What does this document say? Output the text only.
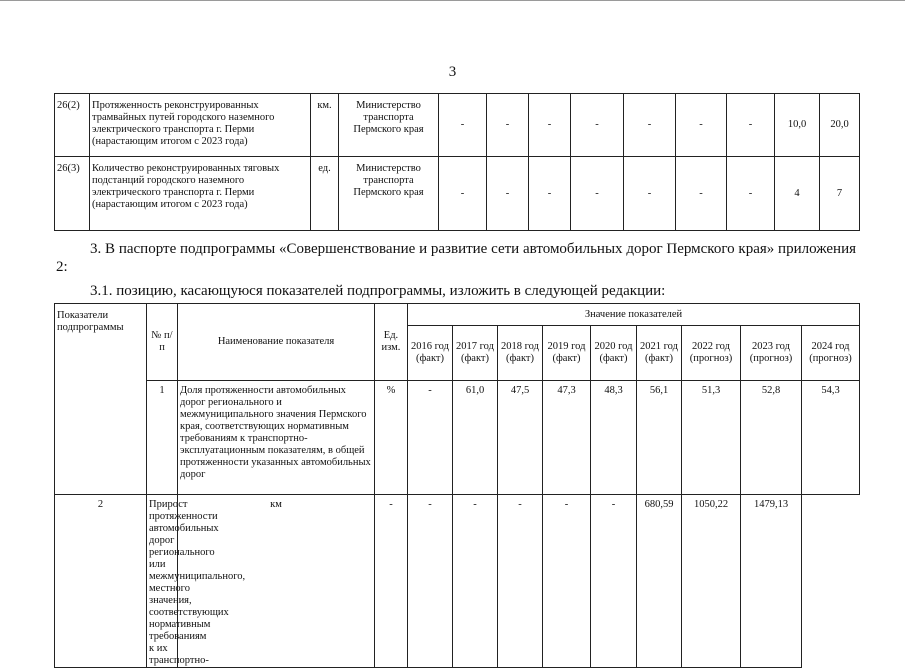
3
26(2)	Протяженность реконструированных трамвайных путей городского наземного электрического транспорта г. Перми (нарастающим итогом с 2023 года)	км.	Министерство транспорта Пермского края	-	-	-	-	-	-	-	10,0	20,0
26(3)	Количество реконструированных тяговых подстанций городского наземного электрического транспорта г. Перми (нарастающим итогом с 2023 года)	ед.	Министерство транспорта Пермского края	-	-	-	-	-	-	-	4	7
3. В паспорте подпрограммы «Совершенствование и развитие сети автомобильных дорог Пермского края» приложения 2:
3.1. позицию, касающуюся показателей подпрограммы, изложить в следующей редакции:
Показатели подпрограммы	№ п/п	Наименование показателя	Ед. изм.	Значение показателей								
				2016 год (факт)	2017 год (факт)	2018 год (факт)	2019 год (факт)	2020 год (факт)	2021 год (факт)	2022 год (прогноз)	2023 год (прогноз)	2024 год (прогноз)
	1	Доля протяженности автомобильных дорог регионального и межмуниципального значения Пермского края, соответствующих нормативным требованиям к транспортно-эксплуатационным показателям, в общей протяженности указанных автомобильных дорог	%	-	61,0	47,5	47,3	48,3	56,1	51,3	52,8	54,3
2	Прирост протяженности автомобильных дорог регионального или межмуниципального, местного значения, соответствующих нормативным требованиям к их транспортно-	км	-	-	-	-	-	-	680,59	1050,22	1479,13	
